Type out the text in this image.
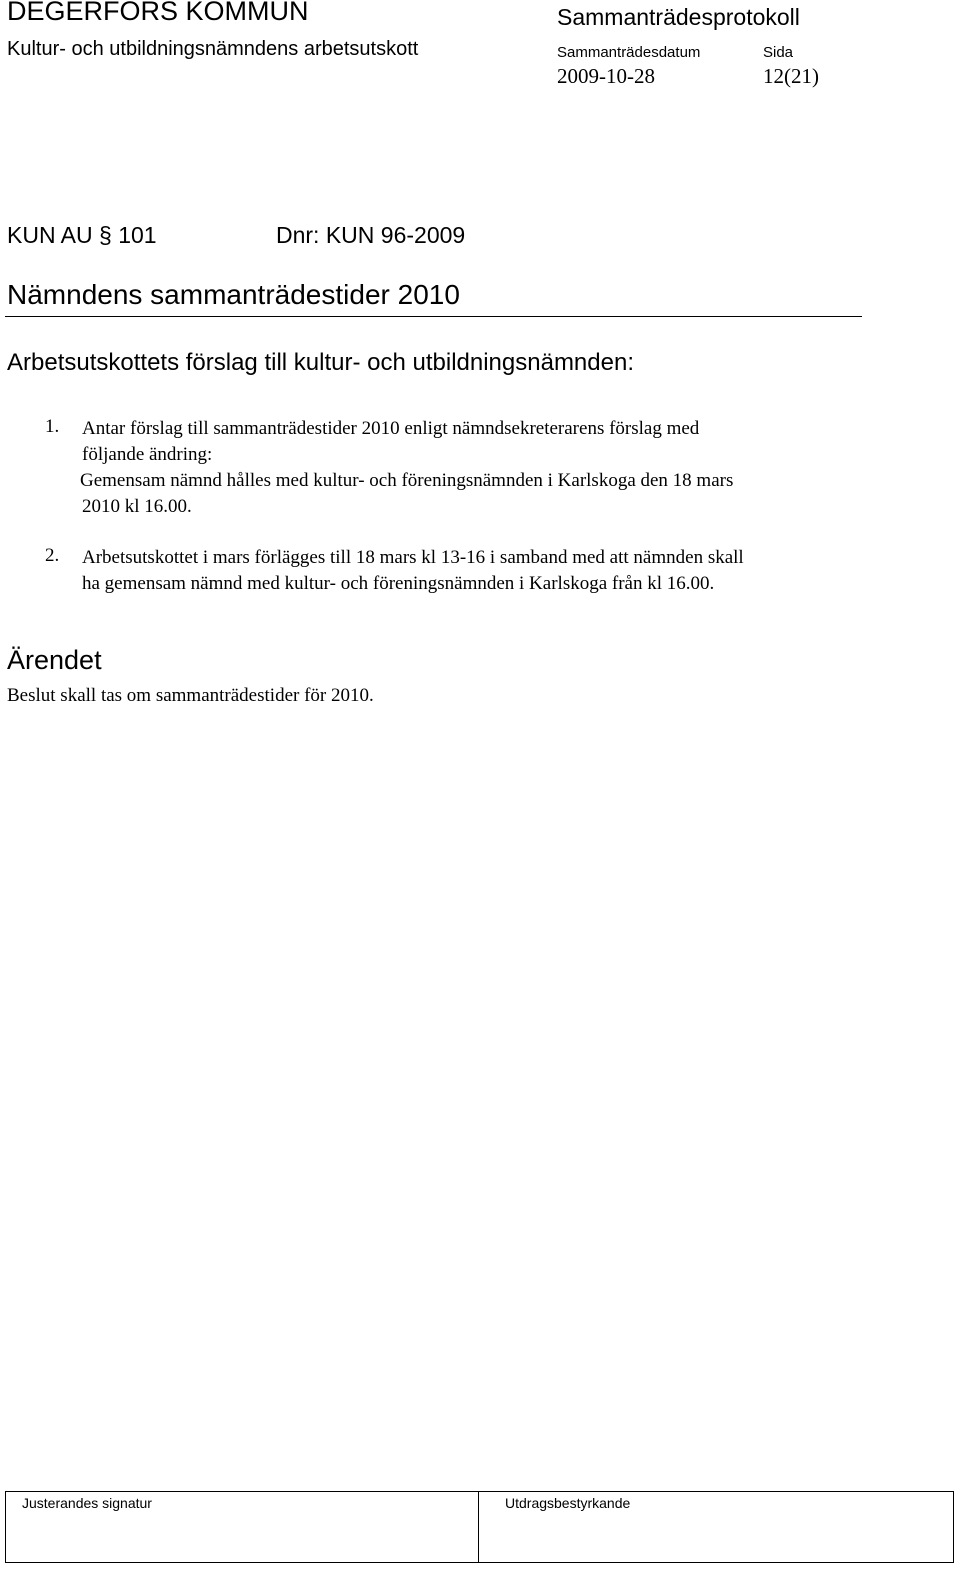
DEGERFORS KOMMUN
Kultur- och utbildningsnämndens arbetsutskott
Sammanträdesprotokoll
Sammanträdesdatum
2009-10-28
Sida
12(21)
KUN AU § 101	Dnr: KUN 96-2009
Nämndens sammanträdestider 2010
Arbetsutskottets förslag till kultur- och utbildningsnämnden:
1. Antar förslag till sammanträdestider 2010 enligt nämndsekreterarens förslag med
följande ändring:
Gemensam nämnd hålles med kultur- och föreningsnämnden i Karlskoga den 18 mars
2010 kl 16.00.
2. Arbetsutskottet i mars förlägges till 18 mars kl 13-16 i samband med att nämnden skall
ha gemensam nämnd med kultur- och föreningsnämnden i Karlskoga från kl 16.00.
Ärendet
Beslut skall tas om sammanträdestider för 2010.
Justerandes signatur	Utdragsbestyrkande
